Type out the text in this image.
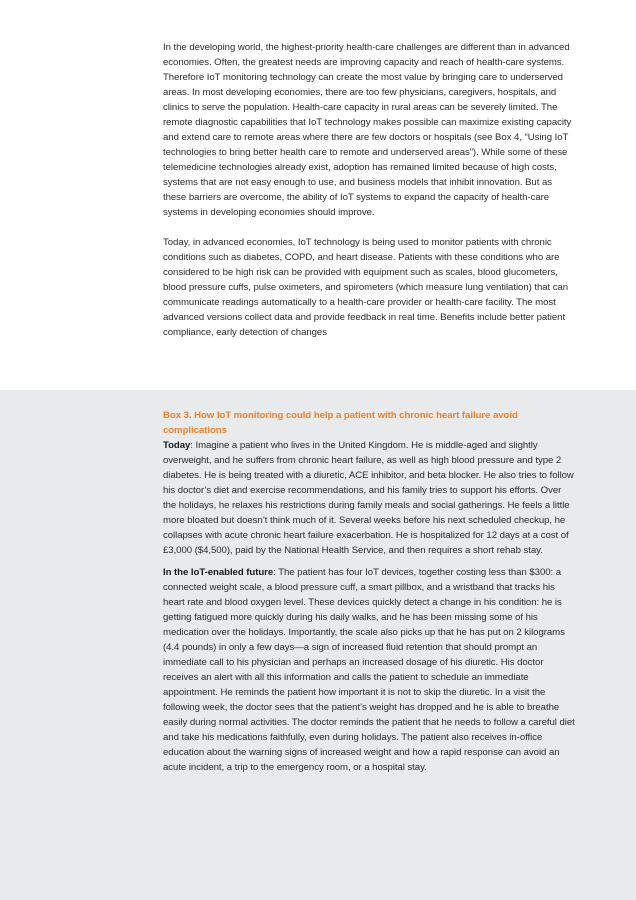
In the developing world, the highest-priority health-care challenges are different than in advanced economies. Often, the greatest needs are improving capacity and reach of health-care systems. Therefore IoT monitoring technology can create the most value by bringing care to underserved areas. In most developing economies, there are too few physicians, caregivers, hospitals, and clinics to serve the population. Health-care capacity in rural areas can be severely limited. The remote diagnostic capabilities that IoT technology makes possible can maximize existing capacity and extend care to remote areas where there are few doctors or hospitals (see Box 4, “Using IoT technologies to bring better health care to remote and underserved areas”). While some of these telemedicine technologies already exist, adoption has remained limited because of high costs, systems that are not easy enough to use, and business models that inhibit innovation. But as these barriers are overcome, the ability of IoT systems to expand the capacity of health-care systems in developing economies should improve.

Today, in advanced economies, IoT technology is being used to monitor patients with chronic conditions such as diabetes, COPD, and heart disease. Patients with these conditions who are considered to be high risk can be provided with equipment such as scales, blood glucometers, blood pressure cuffs, pulse oximeters, and spirometers (which measure lung ventilation) that can communicate readings automatically to a health-care provider or health-care facility. The most advanced versions collect data and provide feedback in real time. Benefits include better patient compliance, early detection of changes

Box 3. How IoT monitoring could help a patient with chronic heart failure avoid complications

Today: Imagine a patient who lives in the United Kingdom. He is middle-aged and slightly overweight, and he suffers from chronic heart failure, as well as high blood pressure and type 2 diabetes. He is being treated with a diuretic, ACE inhibitor, and beta blocker. He also tries to follow his doctor’s diet and exercise recommendations, and his family tries to support his efforts. Over the holidays, he relaxes his restrictions during family meals and social gatherings. He feels a little more bloated but doesn’t think much of it. Several weeks before his next scheduled checkup, he collapses with acute chronic heart failure exacerbation. He is hospitalized for 12 days at a cost of £3,000 ($4,500), paid by the National Health Service, and then requires a short rehab stay.

In the IoT-enabled future: The patient has four IoT devices, together costing less than $300: a connected weight scale, a blood pressure cuff, a smart pillbox, and a wristband that tracks his heart rate and blood oxygen level. These devices quickly detect a change in his condition: he is getting fatigued more quickly during his daily walks, and he has been missing some of his medication over the holidays. Importantly, the scale also picks up that he has put on 2 kilograms (4.4 pounds) in only a few days—a sign of increased fluid retention that should prompt an immediate call to his physician and perhaps an increased dosage of his diuretic. His doctor receives an alert with all this information and calls the patient to schedule an immediate appointment. He reminds the patient how important it is not to skip the diuretic. In a visit the following week, the doctor sees that the patient’s weight has dropped and he is able to breathe easily during normal activities. The doctor reminds the patient that he needs to follow a careful diet and take his medications faithfully, even during holidays. The patient also receives in-office education about the warning signs of increased weight and how a rapid response can avoid an acute incident, a trip to the emergency room, or a hospital stay.
